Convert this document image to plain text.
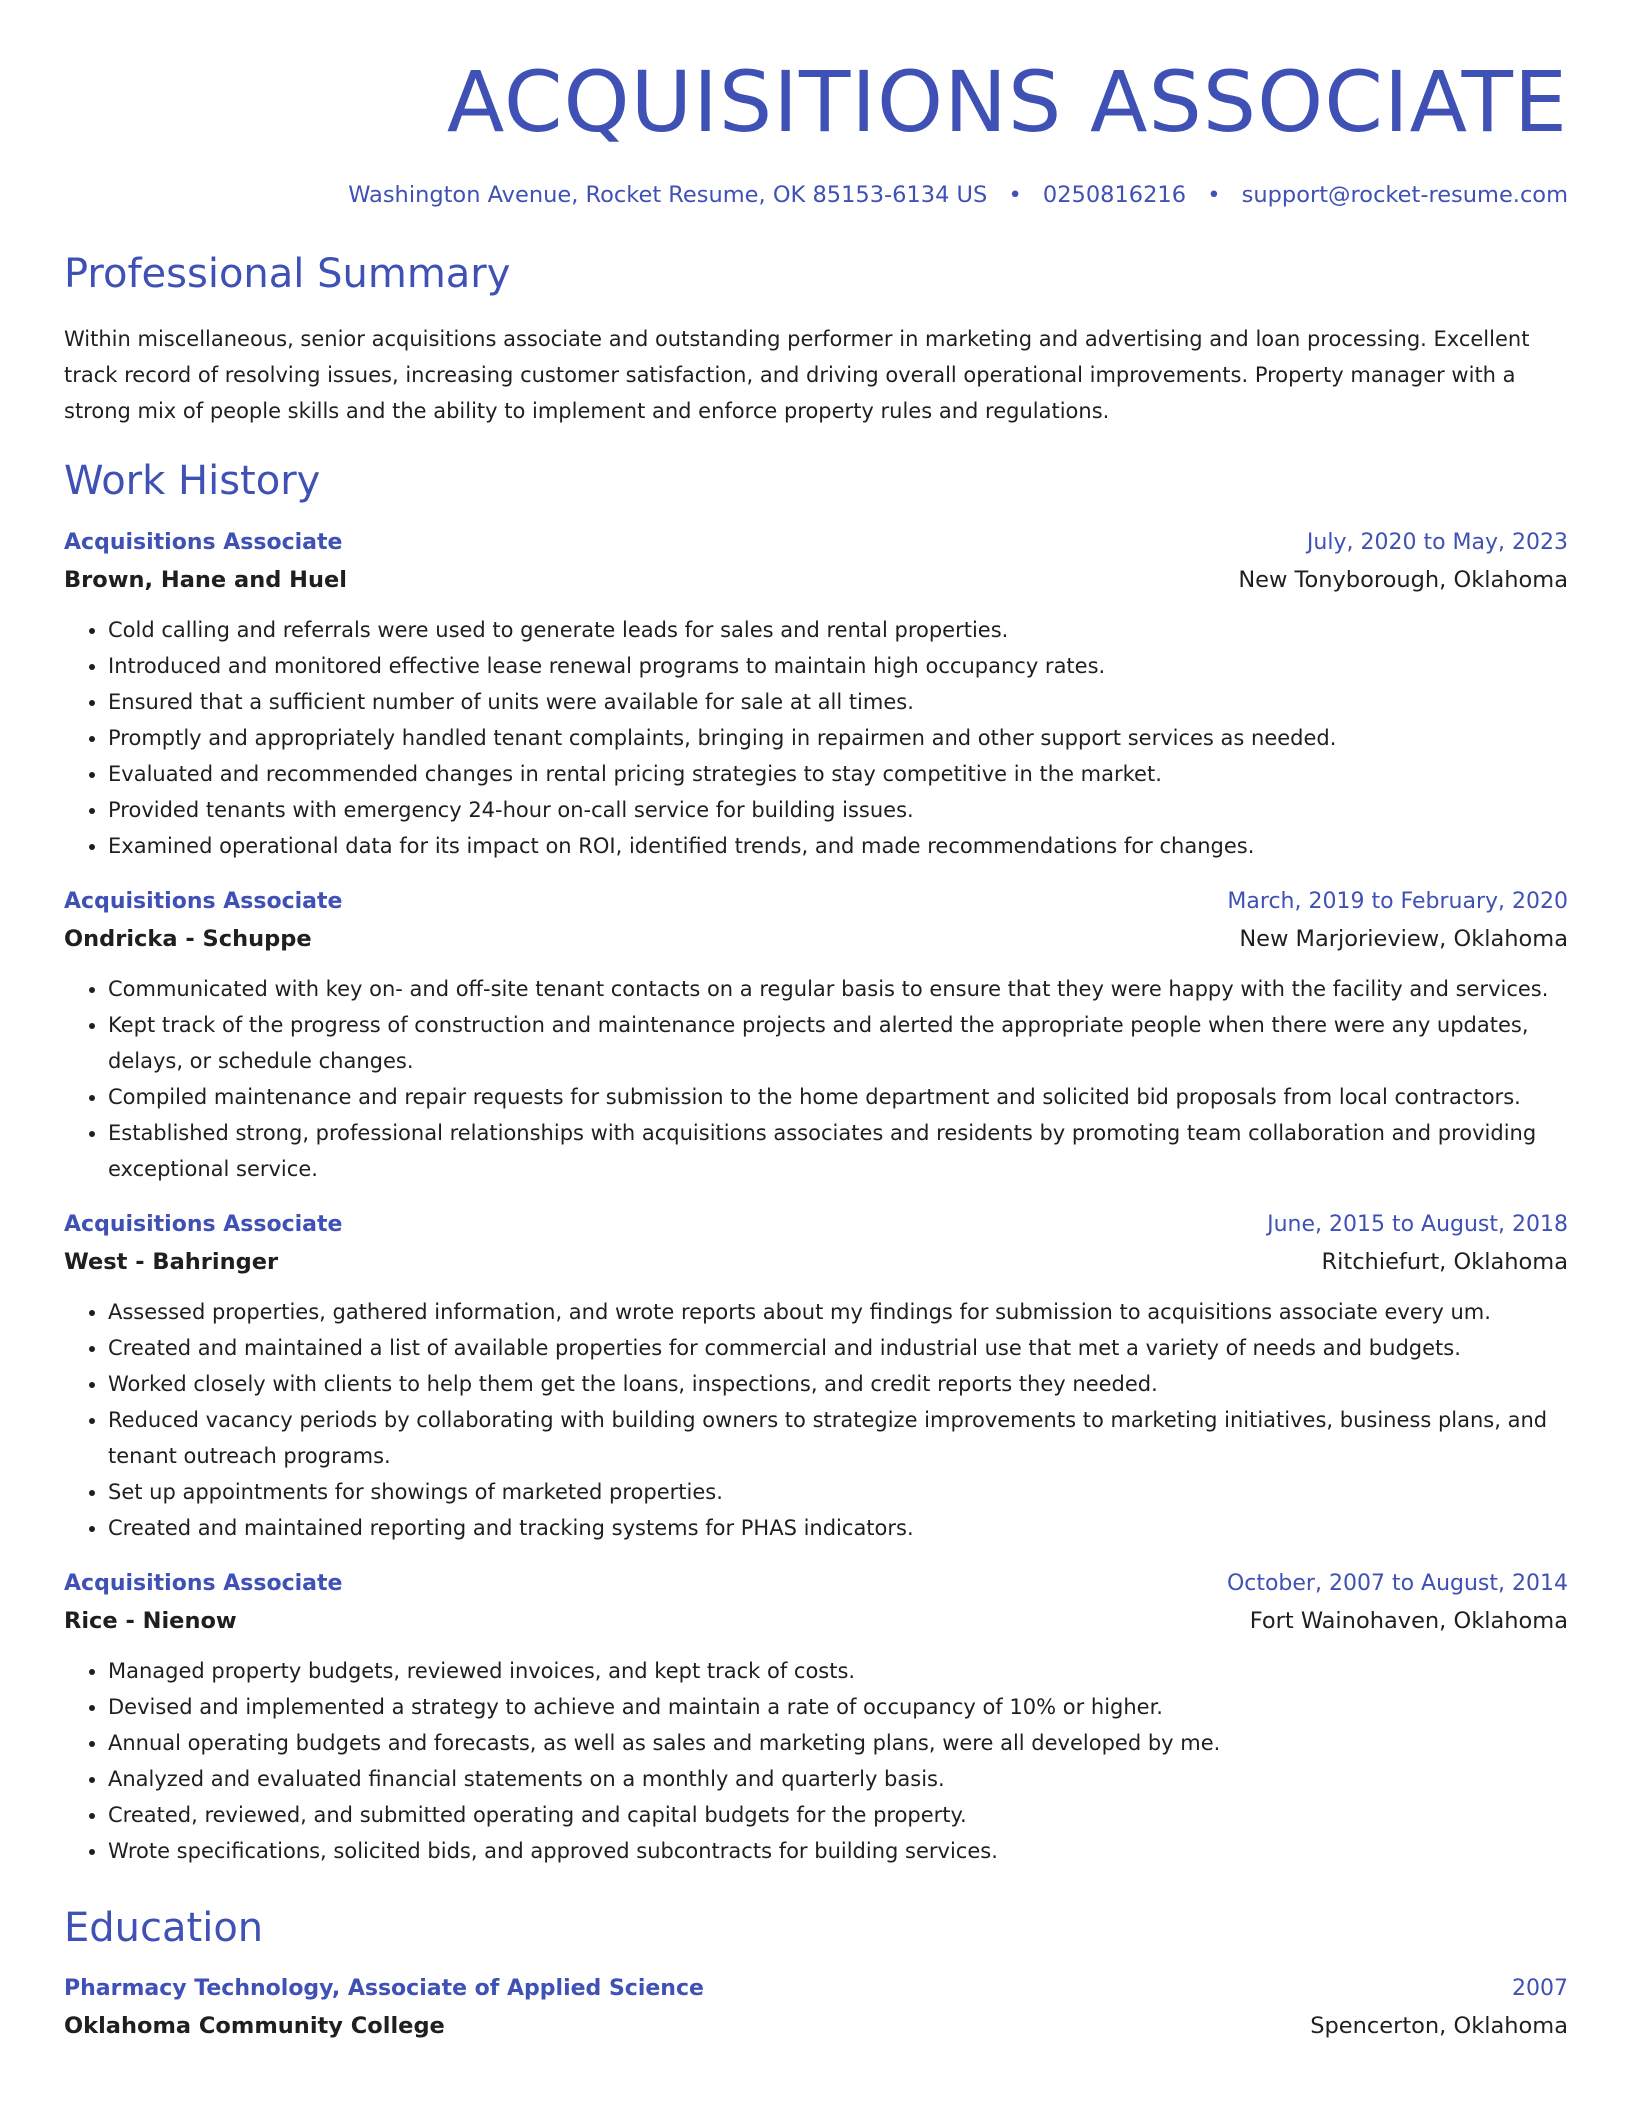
ACQUISITIONS ASSOCIATE
Washington Avenue, Rocket Resume, OK 85153-6134 US • 0250816216 • support@rocket-resume.com
Professional Summary
Within miscellaneous, senior acquisitions associate and outstanding performer in marketing and advertising and loan processing. Excellent track record of resolving issues, increasing customer satisfaction, and driving overall operational improvements. Property manager with a strong mix of people skills and the ability to implement and enforce property rules and regulations.
Work History
Acquisitions Associate	July, 2020 to May, 2023
Brown, Hane and Huel	New Tonyborough, Oklahoma
• Cold calling and referrals were used to generate leads for sales and rental properties.
• Introduced and monitored effective lease renewal programs to maintain high occupancy rates.
• Ensured that a sufficient number of units were available for sale at all times.
• Promptly and appropriately handled tenant complaints, bringing in repairmen and other support services as needed.
• Evaluated and recommended changes in rental pricing strategies to stay competitive in the market.
• Provided tenants with emergency 24-hour on-call service for building issues.
• Examined operational data for its impact on ROI, identified trends, and made recommendations for changes.
Acquisitions Associate	March, 2019 to February, 2020
Ondricka - Schuppe	New Marjorieview, Oklahoma
• Communicated with key on- and off-site tenant contacts on a regular basis to ensure that they were happy with the facility and services.
• Kept track of the progress of construction and maintenance projects and alerted the appropriate people when there were any updates, delays, or schedule changes.
• Compiled maintenance and repair requests for submission to the home department and solicited bid proposals from local contractors.
• Established strong, professional relationships with acquisitions associates and residents by promoting team collaboration and providing exceptional service.
Acquisitions Associate	June, 2015 to August, 2018
West - Bahringer	Ritchiefurt, Oklahoma
• Assessed properties, gathered information, and wrote reports about my findings for submission to acquisitions associate every um.
• Created and maintained a list of available properties for commercial and industrial use that met a variety of needs and budgets.
• Worked closely with clients to help them get the loans, inspections, and credit reports they needed.
• Reduced vacancy periods by collaborating with building owners to strategize improvements to marketing initiatives, business plans, and tenant outreach programs.
• Set up appointments for showings of marketed properties.
• Created and maintained reporting and tracking systems for PHAS indicators.
Acquisitions Associate	October, 2007 to August, 2014
Rice - Nienow	Fort Wainohaven, Oklahoma
• Managed property budgets, reviewed invoices, and kept track of costs.
• Devised and implemented a strategy to achieve and maintain a rate of occupancy of 10% or higher.
• Annual operating budgets and forecasts, as well as sales and marketing plans, were all developed by me.
• Analyzed and evaluated financial statements on a monthly and quarterly basis.
• Created, reviewed, and submitted operating and capital budgets for the property.
• Wrote specifications, solicited bids, and approved subcontracts for building services.
Education
Pharmacy Technology, Associate of Applied Science	2007
Oklahoma Community College	Spencerton, Oklahoma
